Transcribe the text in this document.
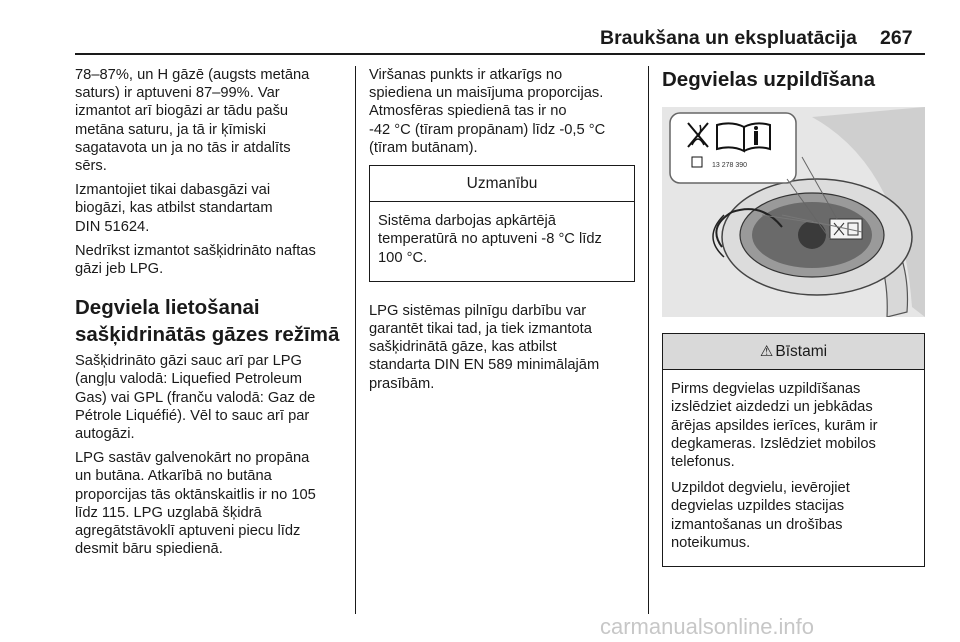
Braukšana un ekspluatācija 267

78–87%, un H gāzē (augsts metāna
saturs) ir aptuveni 87–99%. Var
izmantot arī biogāzi ar tādu pašu
metāna saturu, ja tā ir ķīmiski
sagatavota un ja no tās ir atdalīts
sērs.

Izmantojiet tikai dabasgāzi vai
biogāzi, kas atbilst standartam
DIN 51624.

Nedrīkst izmantot sašķidrināto naftas
gāzi jeb LPG.

Degviela lietošanai
sašķidrinātās gāzes režīmā

Sašķidrināto gāzi sauc arī par LPG
(angļu valodā: Liquefied Petroleum
Gas) vai GPL (franču valodā: Gaz de
Pétrole Liquéfié). Vēl to sauc arī par
autogāzi.

LPG sastāv galvenokārt no propāna
un butāna. Atkarībā no butāna
proporcijas tās oktānskaitlis ir no 105
līdz 115. LPG uzglabā šķidrā
agregātstāvoklī aptuveni piecu līdz
desmit bāru spiedienā.

Viršanas punkts ir atkarīgs no
spiediena un maisījuma proporcijas.
Atmosfēras spiedienā tas ir no
-42 °C (tīram propānam) līdz -0,5 °C
(tīram butānam).

Uzmanību

Sistēma darbojas apkārtējā
temperatūrā no aptuveni -8 °C līdz
100 °C.

LPG sistēmas pilnīgu darbību var
garantēt tikai tad, ja tiek izmantota
sašķidrinātā gāze, kas atbilst
standarta DIN EN 589 minimālajām
prasībām.

Degvielas uzpildīšana
13 278 390
⚠ Bīstami

Pirms degvielas uzpildīšanas
izslēdziet aizdedzi un jebkādas
ārējas apsildes ierīces, kurām ir
degkameras. Izslēdziet mobilos
telefonus.

Uzpildot degvielu, ievērojiet
degvielas uzpildes stacijas
izmantošanas un drošības
noteikumus.

carmanualsonline.info
